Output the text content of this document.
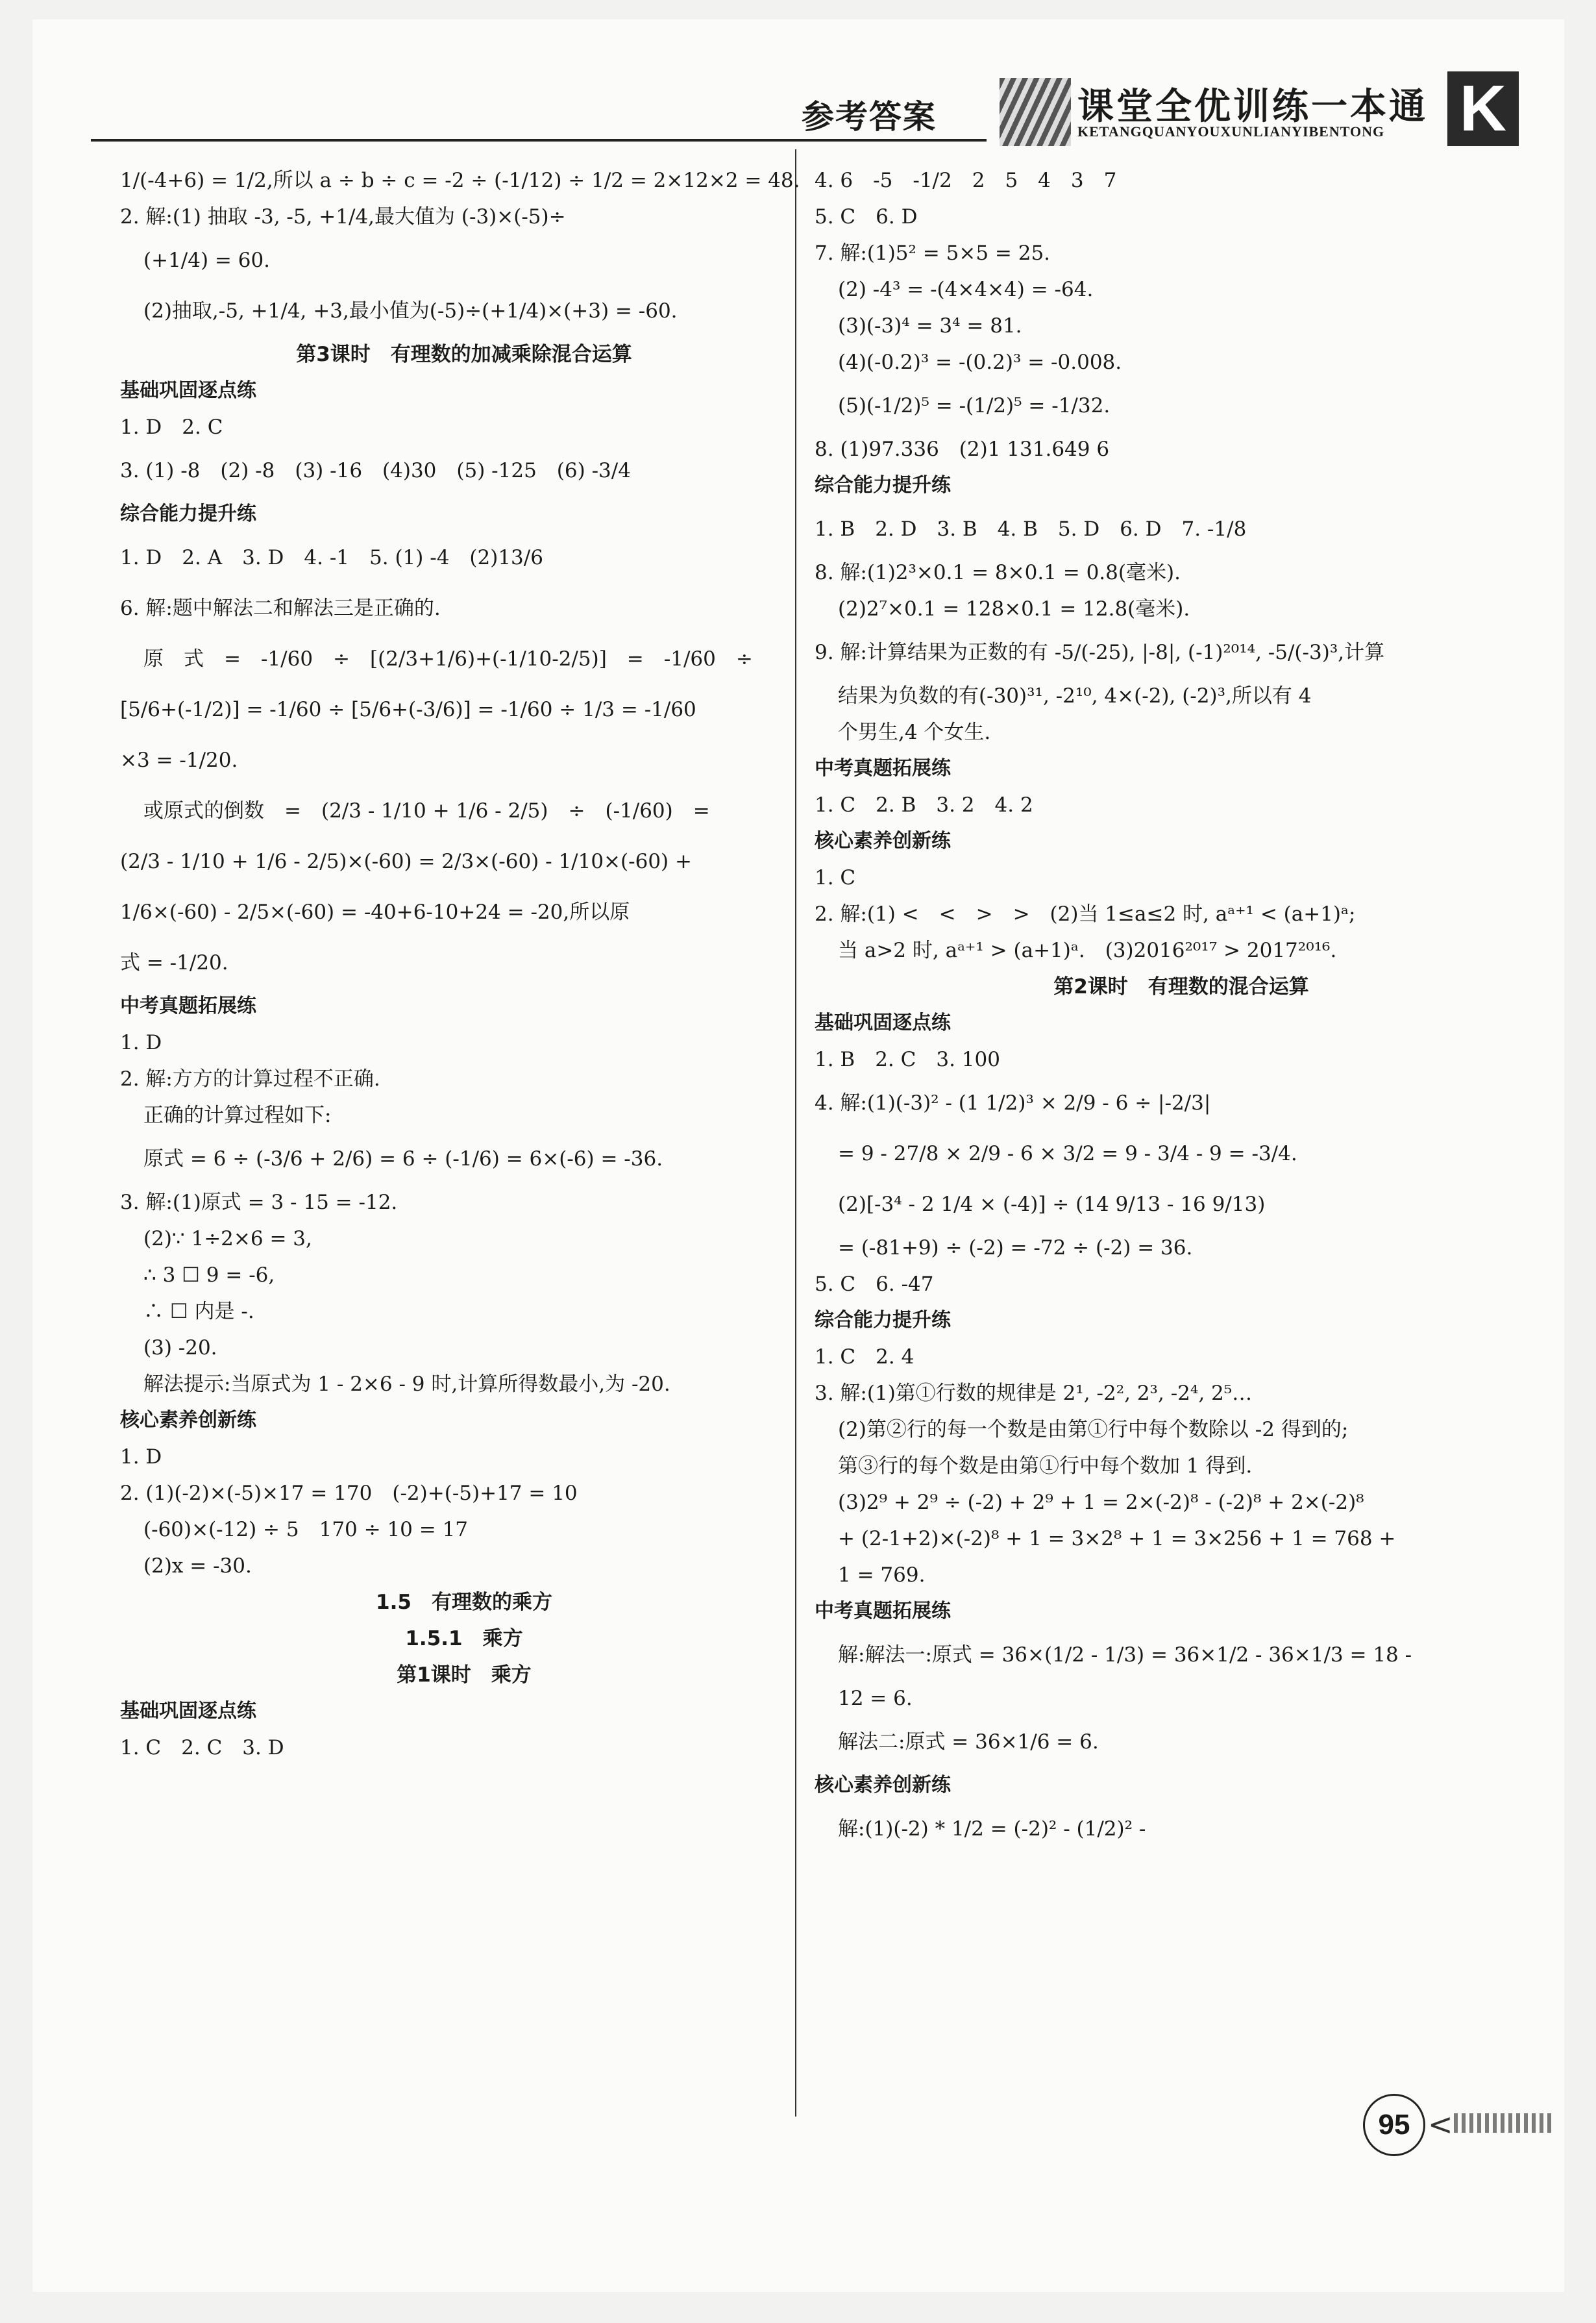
参考答案	课堂全优训练一本通
KETANGQUANYOUXUNLIANYIBENTONG K
1/(-4+6) = 1/2,所以 a ÷ b ÷ c = -2 ÷ (-1/12) ÷ 1/2 = 2×12×2 = 48.
2. 解:(1) 抽取 -3, -5, +1/4,最大值为 (-3)×(-5)÷
(+1/4) = 60.
(2)抽取,-5, +1/4, +3,最小值为(-5)÷(+1/4)×(+3) = -60.
第3课时　有理数的加减乘除混合运算
基础巩固逐点练
1. D　2. C
3. (1) -8　(2) -8　(3) -16　(4)30　(5) -125　(6) -3/4
综合能力提升练
1. D　2. A　3. D　4. -1　5. (1) -4　(2)13/6
6. 解:题中解法二和解法三是正确的.
原　式　=　-1/60　÷　[(2/3+1/6)+(-1/10-2/5)]　=　-1/60　÷
[5/6+(-1/2)] = -1/60 ÷ [5/6+(-3/6)] = -1/60 ÷ 1/3 = -1/60
×3 = -1/20.
或原式的倒数　=　(2/3 - 1/10 + 1/6 - 2/5)　÷　(-1/60)　=
(2/3 - 1/10 + 1/6 - 2/5)×(-60) = 2/3×(-60) - 1/10×(-60) +
1/6×(-60) - 2/5×(-60) = -40+6-10+24 = -20,所以原
式 = -1/20.
中考真题拓展练
1. D
2. 解:方方的计算过程不正确.
正确的计算过程如下:
原式 = 6 ÷ (-3/6 + 2/6) = 6 ÷ (-1/6) = 6×(-6) = -36.
3. 解:(1)原式 = 3 - 15 = -12.
(2)∵ 1÷2×6 = 3,
∴ 3 ☐ 9 = -6,
∴ ☐ 内是 -.
(3) -20.
解法提示:当原式为 1 - 2×6 - 9 时,计算所得数最小,为 -20.
核心素养创新练
1. D
2. (1)(-2)×(-5)×17 = 170　(-2)+(-5)+17 = 10
(-60)×(-12) ÷ 5　170 ÷ 10 = 17
(2)x = -30.
1.5　有理数的乘方
1.5.1　乘方
第1课时　乘方
基础巩固逐点练
1. C　2. C　3. D
4. 6　-5　-1/2　2　5　4　3　7
5. C　6. D
7. 解:(1)5² = 5×5 = 25.
(2) -4³ = -(4×4×4) = -64.
(3)(-3)⁴ = 3⁴ = 81.
(4)(-0.2)³ = -(0.2)³ = -0.008.
(5)(-1/2)⁵ = -(1/2)⁵ = -1/32.
8. (1)97.336　(2)1 131.649 6
综合能力提升练
1. B　2. D　3. B　4. B　5. D　6. D　7. -1/8
8. 解:(1)2³×0.1 = 8×0.1 = 0.8(毫米).
(2)2⁷×0.1 = 128×0.1 = 12.8(毫米).
9. 解:计算结果为正数的有 -5/(-25), |-8|, (-1)²⁰¹⁴, -5/(-3)³,计算
结果为负数的有(-30)³¹, -2¹⁰, 4×(-2), (-2)³,所以有 4
个男生,4 个女生.
中考真题拓展练
1. C　2. B　3. 2　4. 2
核心素养创新练
1. C
2. 解:(1) <　<　>　>　(2)当 1≤a≤2 时, aᵃ⁺¹ < (a+1)ᵃ;
当 a>2 时, aᵃ⁺¹ > (a+1)ᵃ.　(3)2016²⁰¹⁷ > 2017²⁰¹⁶.
第2课时　有理数的混合运算
基础巩固逐点练
1. B　2. C　3. 100
4. 解:(1)(-3)² - (1 1/2)³ × 2/9 - 6 ÷ |-2/3|
= 9 - 27/8 × 2/9 - 6 × 3/2 = 9 - 3/4 - 9 = -3/4.
(2)[-3⁴ - 2 1/4 × (-4)] ÷ (14 9/13 - 16 9/13)
= (-81+9) ÷ (-2) = -72 ÷ (-2) = 36.
5. C　6. -47
综合能力提升练
1. C　2. 4
3. 解:(1)第①行数的规律是 2¹, -2², 2³, -2⁴, 2⁵…
(2)第②行的每一个数是由第①行中每个数除以 -2 得到的;
第③行的每个数是由第①行中每个数加 1 得到.
(3)2⁹ + 2⁹ ÷ (-2) + 2⁹ + 1 = 2×(-2)⁸ - (-2)⁸ + 2×(-2)⁸
+ (2-1+2)×(-2)⁸ + 1 = 3×2⁸ + 1 = 3×256 + 1 = 768 +
1 = 769.
中考真题拓展练
解:解法一:原式 = 36×(1/2 - 1/3) = 36×1/2 - 36×1/3 = 18 -
12 = 6.
解法二:原式 = 36×1/6 = 6.
核心素养创新练
解:(1)(-2) * 1/2 = (-2)² - (1/2)² -
95 <
